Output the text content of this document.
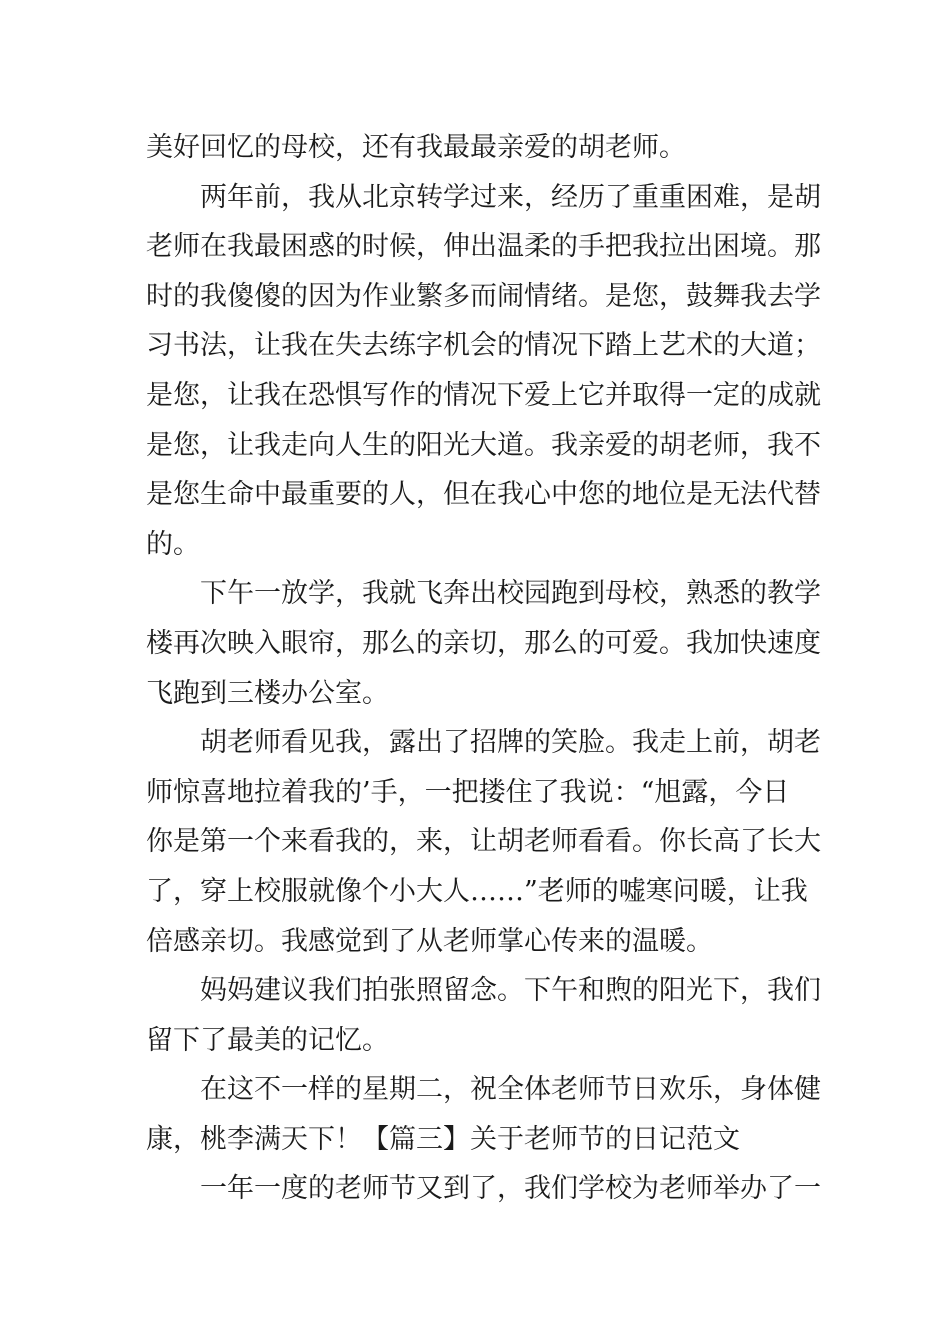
美好回忆的母校，还有我最最亲爱的胡老师。
两年前，我从北京转学过来，经历了重重困难，是胡
老师在我最困惑的时候，伸出温柔的手把我拉出困境。那
时的我傻傻的因为作业繁多而闹情绪。是您，鼓舞我去学
习书法，让我在失去练字机会的情况下踏上艺术的大道；
是您，让我在恐惧写作的情况下爱上它并取得一定的成就
是您，让我走向人生的阳光大道。我亲爱的胡老师，我不
是您生命中最重要的人，但在我心中您的地位是无法代替
的。
下午一放学，我就飞奔出校园跑到母校，熟悉的教学
楼再次映入眼帘，那么的亲切，那么的可爱。我加快速度
飞跑到三楼办公室。
胡老师看见我，露出了招牌的笑脸。我走上前，胡老
师惊喜地拉着我的’手，一把搂住了我说：“旭露，今日
你是第一个来看我的，来，让胡老师看看。你长高了长大
了，穿上校服就像个小大人……”老师的嘘寒问暖，让我
倍感亲切。我感觉到了从老师掌心传来的温暖。
妈妈建议我们拍张照留念。下午和煦的阳光下，我们
留下了最美的记忆。
在这不一样的星期二，祝全体老师节日欢乐，身体健
康，桃李满天下！【篇三】关于老师节的日记范文
一年一度的老师节又到了，我们学校为老师举办了一
